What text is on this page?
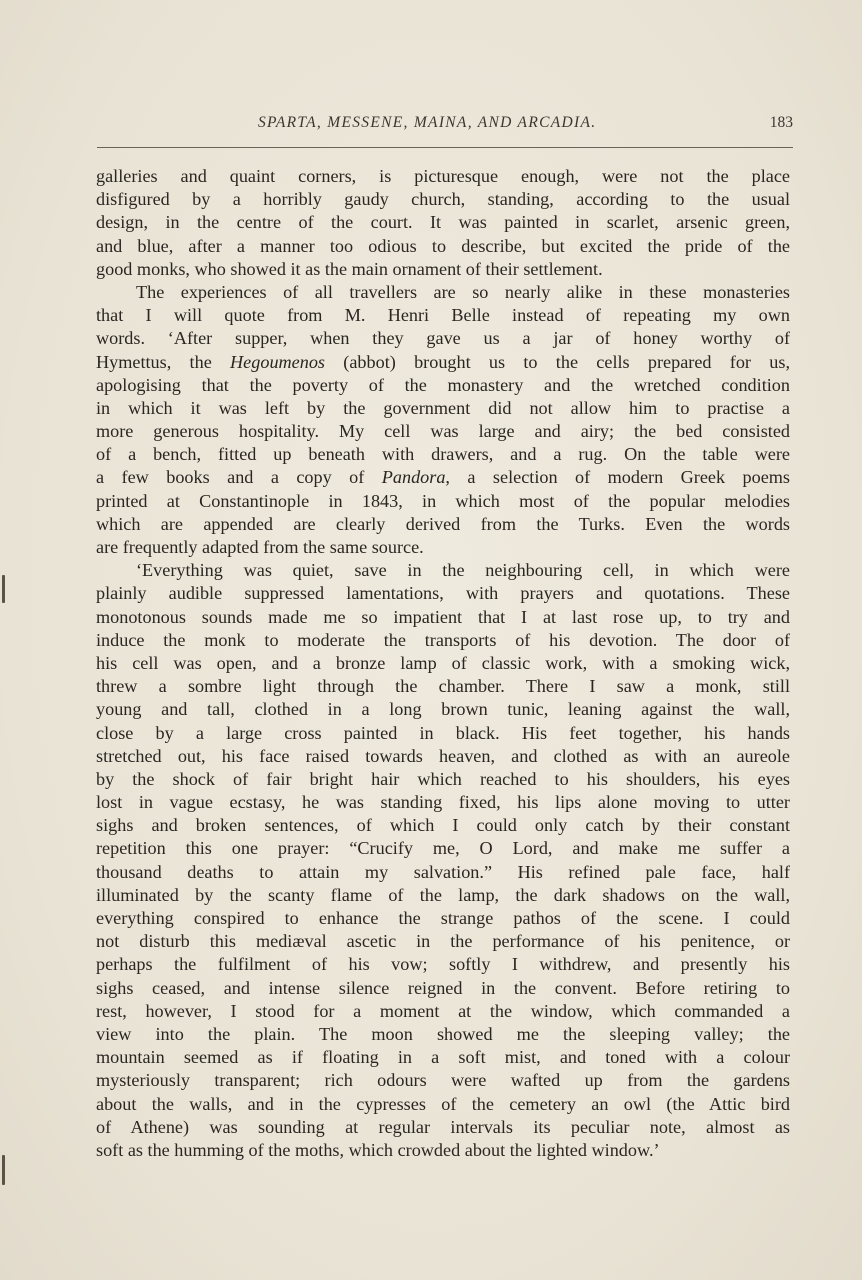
SPARTA, MESSENE, MAINA, AND ARCADIA.	183
galleries and quaint corners, is picturesque enough, were not the place
disfigured by a horribly gaudy church, standing, according to the usual
design, in the centre of the court. It was painted in scarlet, arsenic green,
and blue, after a manner too odious to describe, but excited the pride of the
good monks, who showed it as the main ornament of their settlement.
The experiences of all travellers are so nearly alike in these monasteries
that I will quote from M. Henri Belle instead of repeating my own
words. ‘After supper, when they gave us a jar of honey worthy of
Hymettus, the Hegoumenos (abbot) brought us to the cells prepared for us,
apologising that the poverty of the monastery and the wretched condition
in which it was left by the government did not allow him to practise a
more generous hospitality. My cell was large and airy; the bed consisted
of a bench, fitted up beneath with drawers, and a rug. On the table were
a few books and a copy of Pandora, a selection of modern Greek poems
printed at Constantinople in 1843, in which most of the popular melodies
which are appended are clearly derived from the Turks. Even the words
are frequently adapted from the same source.
‘Everything was quiet, save in the neighbouring cell, in which were
plainly audible suppressed lamentations, with prayers and quotations. These
monotonous sounds made me so impatient that I at last rose up, to try and
induce the monk to moderate the transports of his devotion. The door of
his cell was open, and a bronze lamp of classic work, with a smoking wick,
threw a sombre light through the chamber. There I saw a monk, still
young and tall, clothed in a long brown tunic, leaning against the wall,
close by a large cross painted in black. His feet together, his hands
stretched out, his face raised towards heaven, and clothed as with an aureole
by the shock of fair bright hair which reached to his shoulders, his eyes
lost in vague ecstasy, he was standing fixed, his lips alone moving to utter
sighs and broken sentences, of which I could only catch by their constant
repetition this one prayer: “Crucify me, O Lord, and make me suffer a
thousand deaths to attain my salvation.” His refined pale face, half
illuminated by the scanty flame of the lamp, the dark shadows on the wall,
everything conspired to enhance the strange pathos of the scene. I could
not disturb this mediæval ascetic in the performance of his penitence, or
perhaps the fulfilment of his vow; softly I withdrew, and presently his
sighs ceased, and intense silence reigned in the convent. Before retiring to
rest, however, I stood for a moment at the window, which commanded a
view into the plain. The moon showed me the sleeping valley; the
mountain seemed as if floating in a soft mist, and toned with a colour
mysteriously transparent; rich odours were wafted up from the gardens
about the walls, and in the cypresses of the cemetery an owl (the Attic bird
of Athene) was sounding at regular intervals its peculiar note, almost as
soft as the humming of the moths, which crowded about the lighted window.’
